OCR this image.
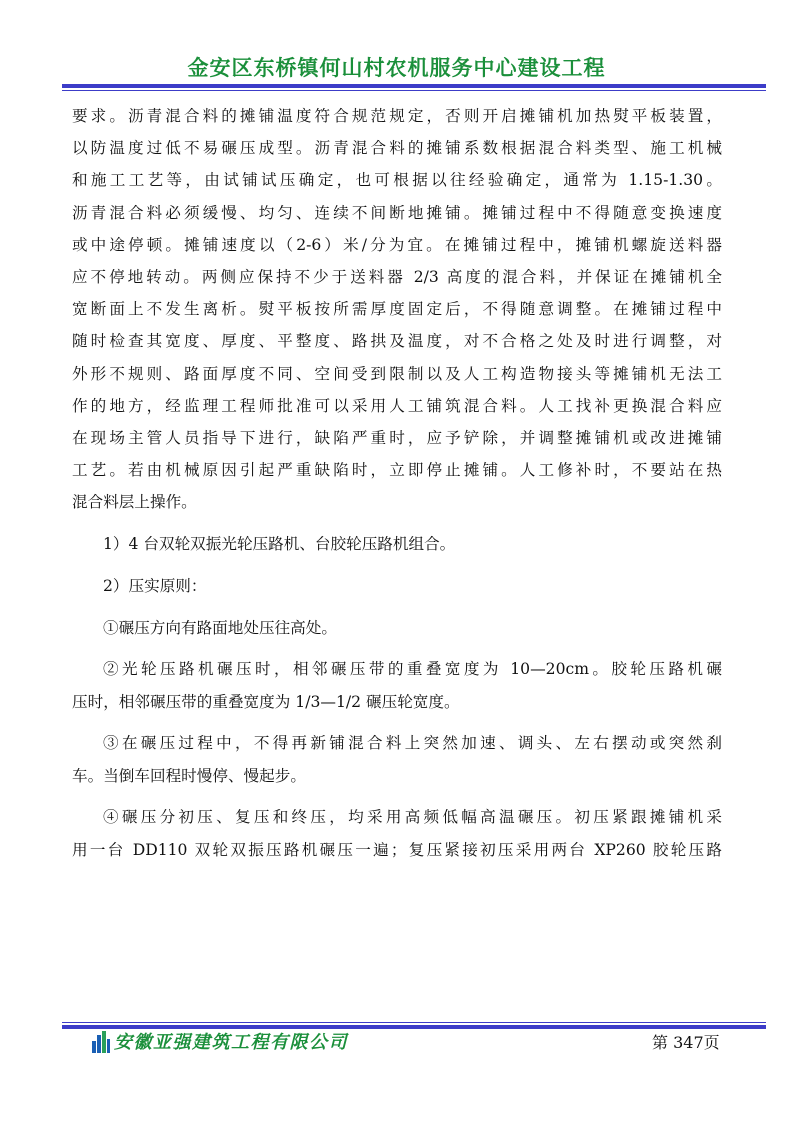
金安区东桥镇何山村农机服务中心建设工程
要求。沥青混合料的摊铺温度符合规范规定，否则开启摊铺机加热熨平板装置，
以防温度过低不易碾压成型。沥青混合料的摊铺系数根据混合料类型、施工机械
和施工工艺等，由试铺试压确定，也可根据以往经验确定，通常为 1.15-1.30。
沥青混合料必须缓慢、均匀、连续不间断地摊铺。摊铺过程中不得随意变换速度
或中途停顿。摊铺速度以（2-6）米/分为宜。在摊铺过程中，摊铺机螺旋送料器
应不停地转动。两侧应保持不少于送料器 2/3 高度的混合料，并保证在摊铺机全
宽断面上不发生离析。熨平板按所需厚度固定后，不得随意调整。在摊铺过程中
随时检查其宽度、厚度、平整度、路拱及温度，对不合格之处及时进行调整，对
外形不规则、路面厚度不同、空间受到限制以及人工构造物接头等摊铺机无法工
作的地方，经监理工程师批准可以采用人工铺筑混合料。人工找补更换混合料应
在现场主管人员指导下进行，缺陷严重时，应予铲除，并调整摊铺机或改进摊铺
工艺。若由机械原因引起严重缺陷时，立即停止摊铺。人工修补时，不要站在热
混合料层上操作。
1）4 台双轮双振光轮压路机、台胶轮压路机组合。
2）压实原则：
①碾压方向有路面地处压往高处。
②光轮压路机碾压时，相邻碾压带的重叠宽度为 10—20cm。胶轮压路机碾
压时，相邻碾压带的重叠宽度为 1/3—1/2 碾压轮宽度。
③在碾压过程中，不得再新铺混合料上突然加速、调头、左右摆动或突然刹
车。当倒车回程时慢停、慢起步。
④碾压分初压、复压和终压，均采用高频低幅高温碾压。初压紧跟摊铺机采
用一台 DD110 双轮双振压路机碾压一遍；复压紧接初压采用两台 XP260 胶轮压路
安徽亚强建筑工程有限公司	第 347页
